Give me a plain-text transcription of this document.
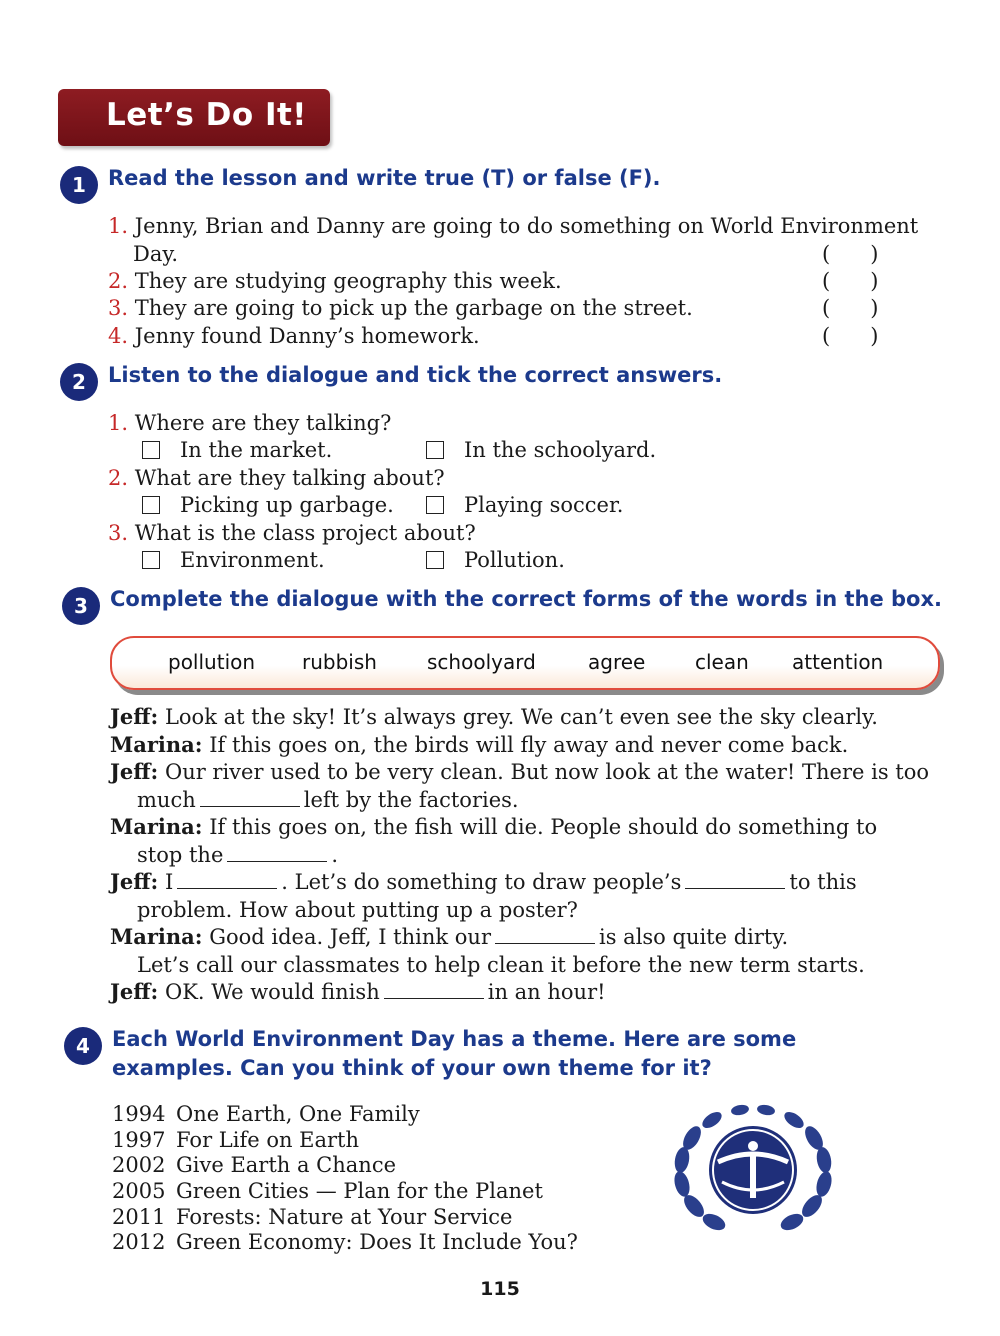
Let’s Do It!
1	Read the lesson and write true (T) or false (F).
1. Jenny, Brian and Danny are going to do something on World Environment
Day.	( )
2. They are studying geography this week.	( )
3. They are going to pick up the garbage on the street.	( )
4. Jenny found Danny’s homework.	( )
2	Listen to the dialogue and tick the correct answers.
1. Where are they talking?
In the market.	In the schoolyard.
2. What are they talking about?
Picking up garbage.	Playing soccer.
3. What is the class project about?
Environment.	Pollution.
3	Complete the dialogue with the correct forms of the words in the box.
pollution rubbish	schoolyard	agree clean attention
Jeff: Look at the sky! It’s always grey. We can’t even see the sky clearly.
Marina: If this goes on, the birds will fly away and never come back.
Jeff: Our river used to be very clean. But now look at the water! There is too
much	left by the factories.
Marina: If this goes on, the fish will die. People should do something to
stop the	.
Jeff: I	. Let’s do something to draw people’s	to this
problem. How about putting up a poster?
Marina: Good idea. Jeff, I think our	is also quite dirty.
Let’s call our classmates to help clean it before the new term starts.
Jeff: OK. We would finish	in an hour!
4	Each World Environment Day has a theme. Here are some
examples. Can you think of your own theme for it?
1994 One Earth, One Family
1997 For Life on Earth
2002 Give Earth a Chance
2005 Green Cities — Plan for the Planet
2011 Forests: Nature at Your Service
2012 Green Economy: Does It Include You?
115
